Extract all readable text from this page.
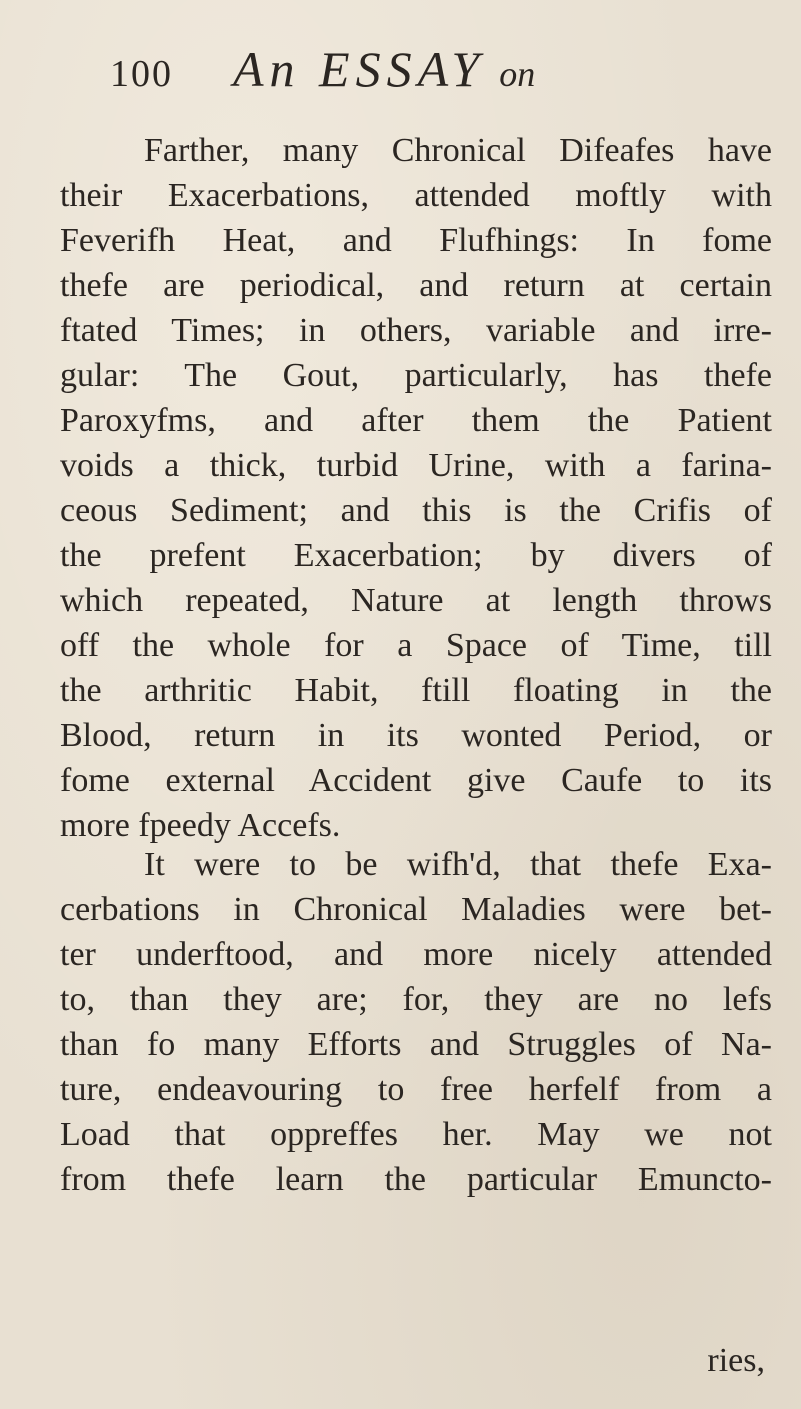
100 An ESSAY on
Farther, many Chronical Difeafes have
their Exacerbations, attended moftly with
Feverifh Heat, and Flufhings: In fome
thefe are periodical, and return at certain
ftated Times; in others, variable and irre-
gular: The Gout, particularly, has thefe
Paroxyfms, and after them the Patient
voids a thick, turbid Urine, with a farina-
ceous Sediment; and this is the Crifis of
the prefent Exacerbation; by divers of
which repeated, Nature at length throws
off the whole for a Space of Time, till
the arthritic Habit, ftill floating in the
Blood, return in its wonted Period, or
fome external Accident give Caufe to its
more fpeedy Accefs.
It were to be wifh'd, that thefe Exa-
cerbations in Chronical Maladies were bet-
ter underftood, and more nicely attended
to, than they are; for, they are no lefs
than fo many Efforts and Struggles of Na-
ture, endeavouring to free herfelf from a
Load that oppreffes her. May we not
from thefe learn the particular Emuncto-
ries,
